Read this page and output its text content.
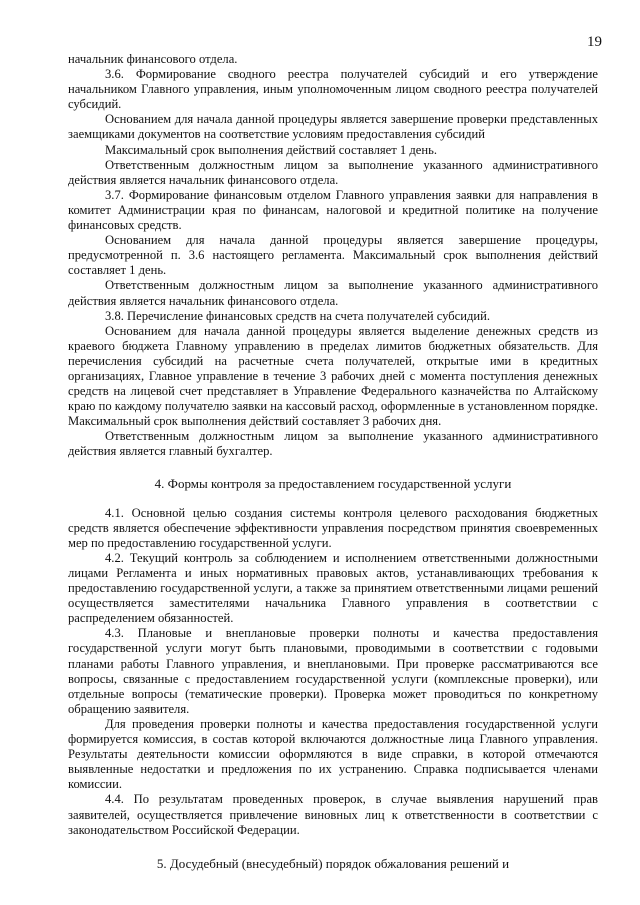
19

начальник финансового отдела.

3.6. Формирование сводного реестра получателей субсидий и его утверждение начальником Главного управления, иным уполномоченным лицом сводного реестра получателей субсидий.

Основанием для начала данной процедуры является завершение проверки представленных заемщиками документов на соответствие условиям предоставления субсидий

Максимальный срок выполнения действий составляет 1 день.

Ответственным должностным лицом за выполнение указанного административного действия является начальник финансового отдела.

3.7. Формирование финансовым отделом Главного управления заявки для направления в комитет Администрации края по финансам, налоговой и кредитной политике на получение финансовых средств.

Основанием для начала данной процедуры является завершение процедуры, предусмотренной п. 3.6 настоящего регламента. Максимальный срок выполнения действий составляет 1 день.

Ответственным должностным лицом за выполнение указанного административного действия является начальник финансового отдела.

3.8. Перечисление финансовых средств на счета получателей субсидий.

Основанием для начала данной процедуры является выделение денежных средств из краевого бюджета Главному управлению в пределах лимитов бюджетных обязательств. Для перечисления субсидий на расчетные счета получателей, открытые ими в кредитных организациях, Главное управление в течение 3 рабочих дней с момента поступления денежных средств на лицевой счет представляет в Управление Федерального казначейства по Алтайскому краю по каждому получателю заявки на кассовый расход, оформленные в установленном порядке. Максимальный срок выполнения действий составляет 3 рабочих дня.

Ответственным должностным лицом за выполнение указанного административного действия является главный бухгалтер.

4. Формы контроля за предоставлением государственной услуги

4.1. Основной целью создания системы контроля целевого расходования бюджетных средств является обеспечение эффективности управления посредством принятия своевременных мер по предоставлению государственной услуги.

4.2. Текущий контроль за соблюдением и исполнением ответственными должностными лицами Регламента и иных нормативных правовых актов, устанавливающих требования к предоставлению государственной услуги, а также за принятием ответственными лицами решений осуществляется заместителями начальника Главного управления в соответствии с распределением обязанностей.

4.3. Плановые и внеплановые проверки полноты и качества предоставления государственной услуги могут быть плановыми, проводимыми в соответствии с годовыми планами работы Главного управления, и внеплановыми. При проверке рассматриваются все вопросы, связанные с предоставлением государственной услуги (комплексные проверки), или отдельные вопросы (тематические проверки). Проверка может проводиться по конкретному обращению заявителя.

Для проведения проверки полноты и качества предоставления государственной услуги формируется комиссия, в состав которой включаются должностные лица Главного управления. Результаты деятельности комиссии оформляются в виде справки, в которой отмечаются выявленные недостатки и предложения по их устранению. Справка подписывается членами комиссии.

4.4. По результатам проведенных проверок, в случае выявления нарушений прав заявителей, осуществляется привлечение виновных лиц к ответственности в соответствии с законодательством Российской Федерации.

5. Досудебный (внесудебный) порядок обжалования решений и
